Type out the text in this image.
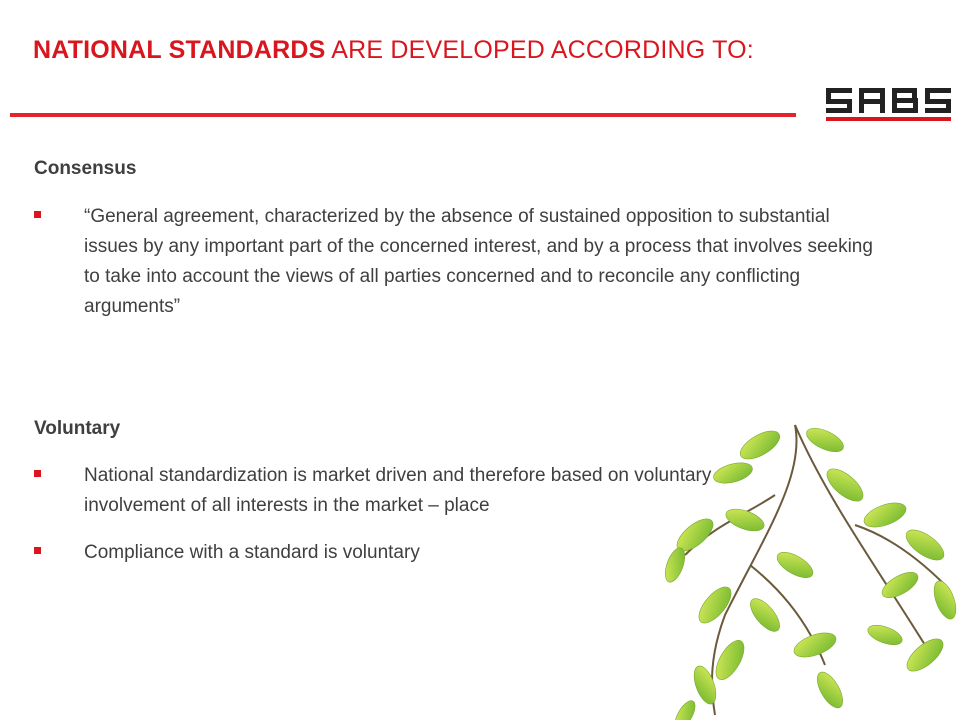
NATIONAL STANDARDS ARE DEVELOPED ACCORDING TO:
Consensus
“General agreement, characterized by the absence of sustained opposition to substantial issues by any important part of the concerned interest, and by a process that involves seeking to take into account the views of all parties concerned and to reconcile any conflicting arguments”
Voluntary
National standardization is market driven and therefore based on voluntary involvement of all interests in the market – place
Compliance with a standard is voluntary
